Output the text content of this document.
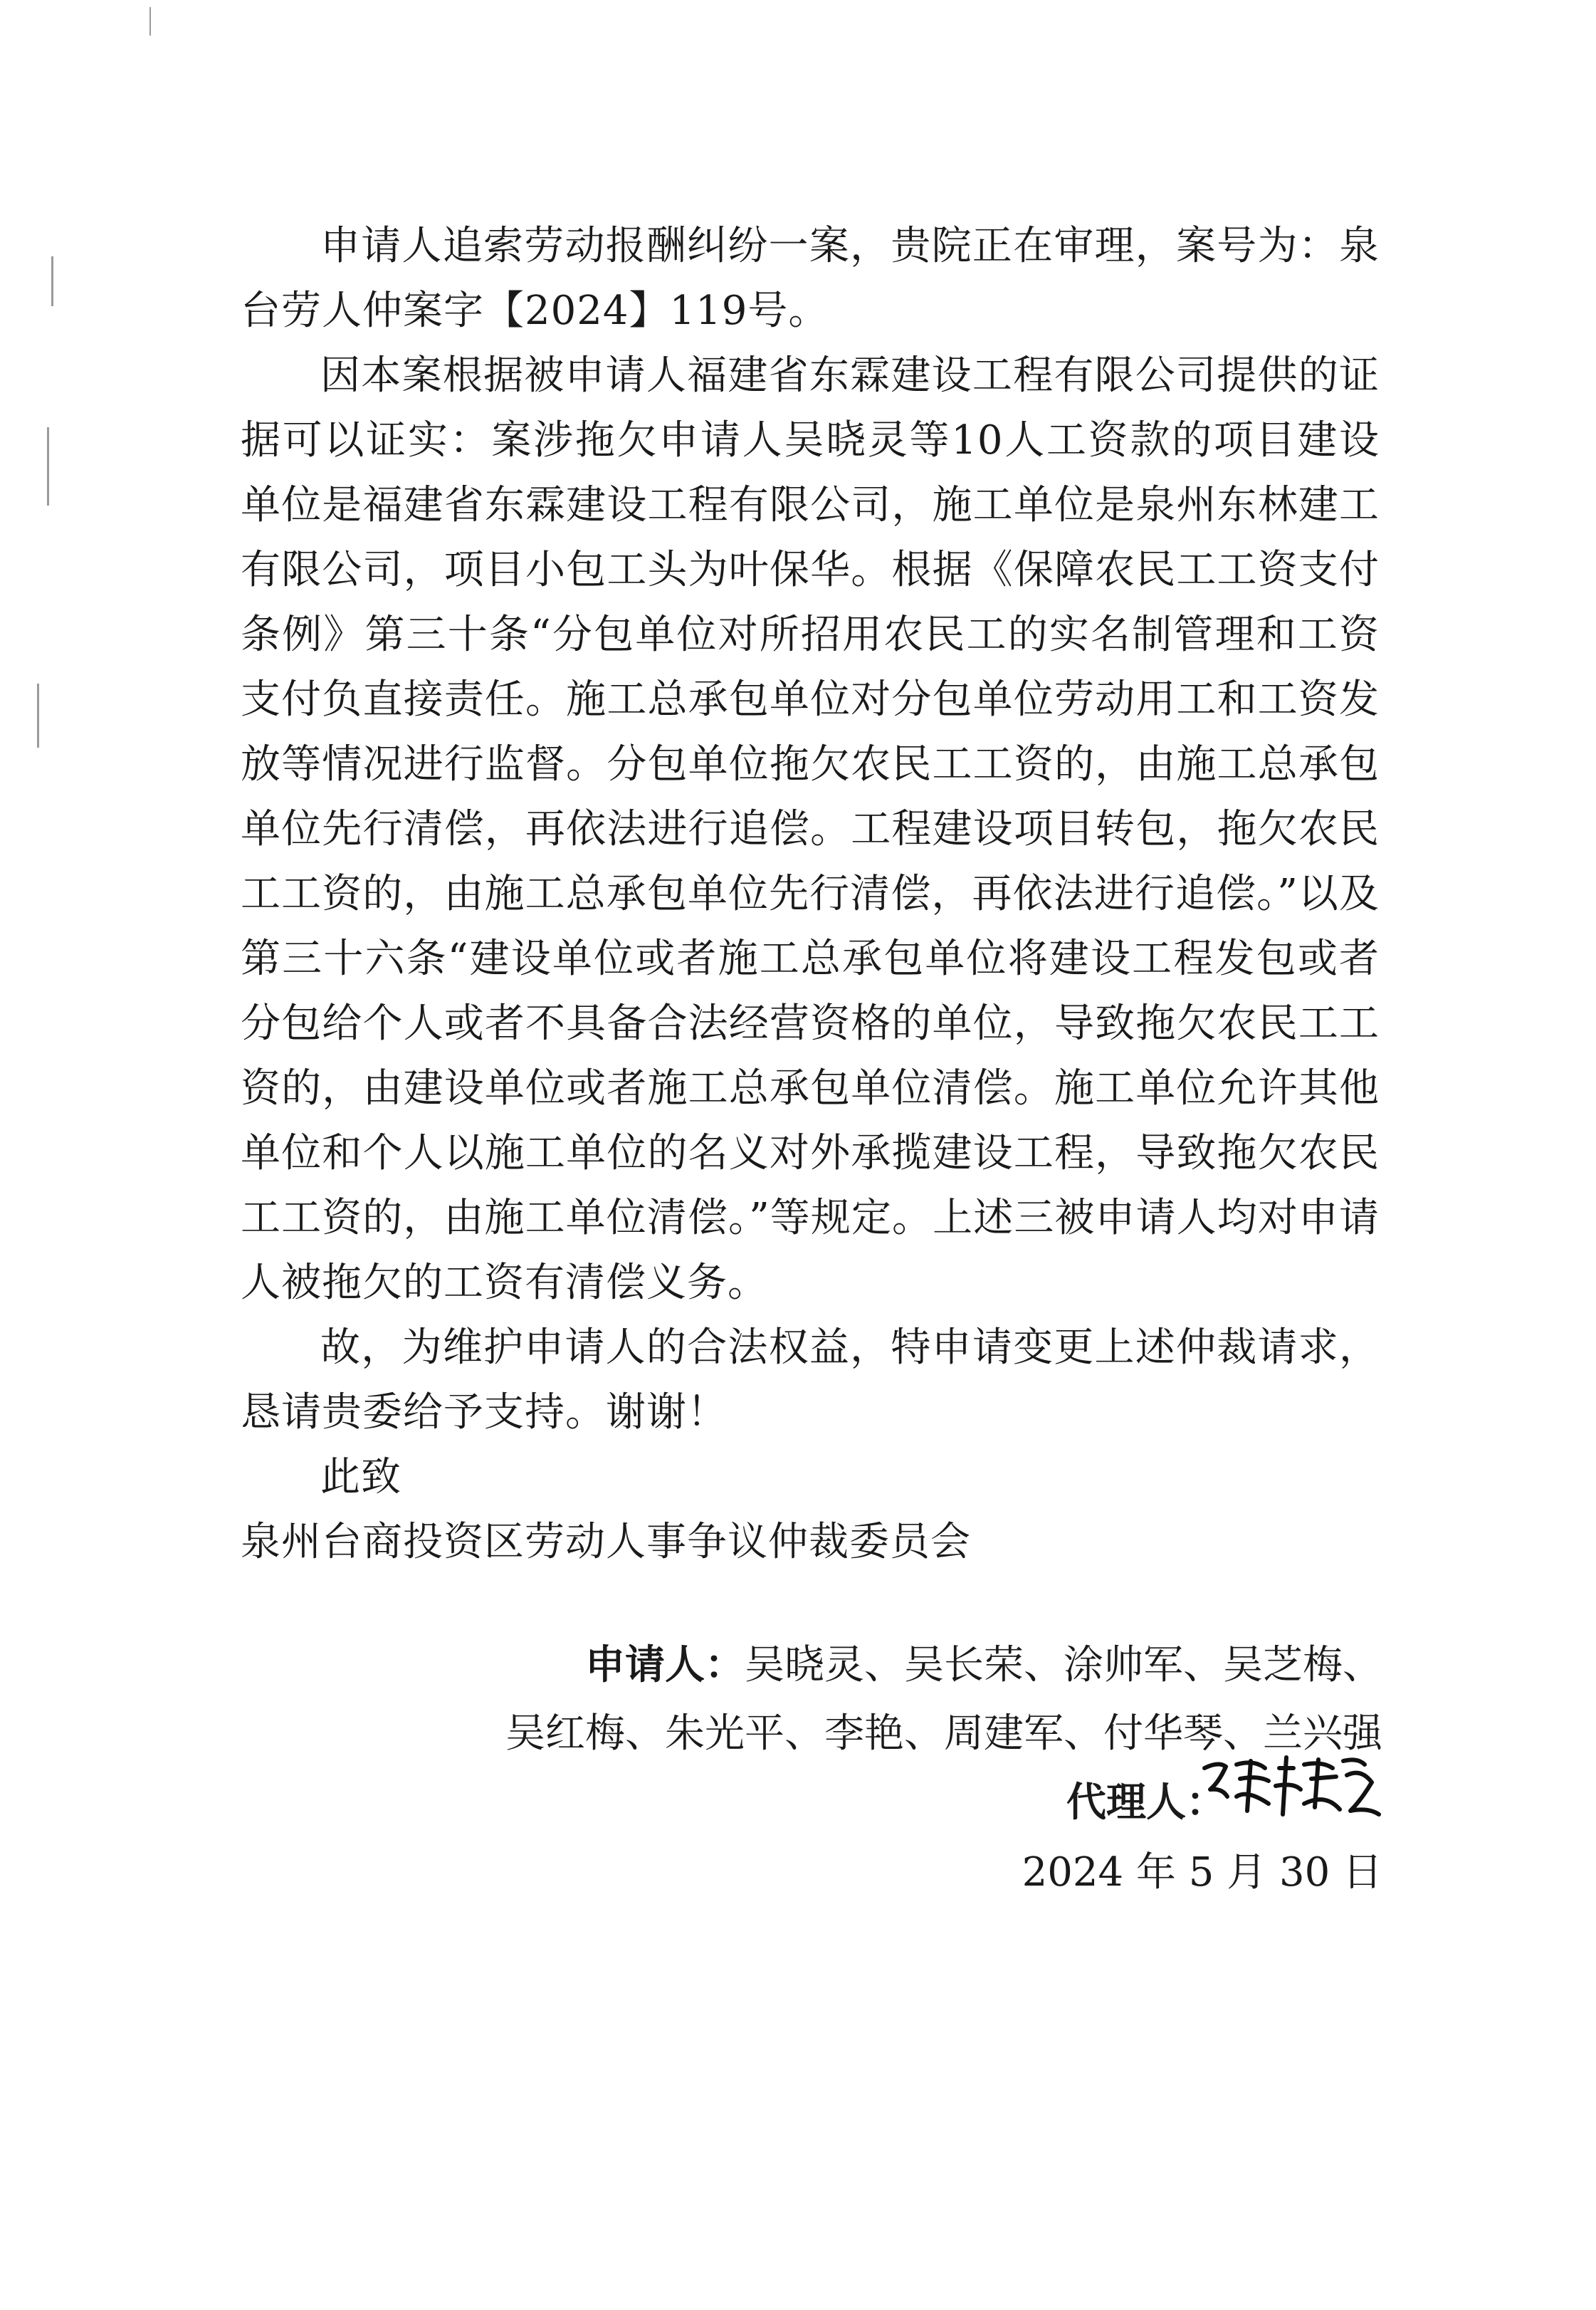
申请人追索劳动报酬纠纷一案，贵院正在审理，案号为：泉台劳人仲案字【2024】119号。

因本案根据被申请人福建省东霖建设工程有限公司提供的证据可以证实：案涉拖欠申请人吴晓灵等10人工资款的项目建设单位是福建省东霖建设工程有限公司，施工单位是泉州东林建工有限公司，项目小包工头为叶保华。根据《保障农民工工资支付条例》第三十条“分包单位对所招用农民工的实名制管理和工资支付负直接责任。施工总承包单位对分包单位劳动用工和工资发放等情况进行监督。分包单位拖欠农民工工资的，由施工总承包单位先行清偿，再依法进行追偿。工程建设项目转包，拖欠农民工工资的，由施工总承包单位先行清偿，再依法进行追偿。”以及第三十六条“建设单位或者施工总承包单位将建设工程发包或者分包给个人或者不具备合法经营资格的单位，导致拖欠农民工工资的，由建设单位或者施工总承包单位清偿。施工单位允许其他单位和个人以施工单位的名义对外承揽建设工程，导致拖欠农民工工资的，由施工单位清偿。”等规定。上述三被申请人均对申请人被拖欠的工资有清偿义务。

故，为维护申请人的合法权益，特申请变更上述仲裁请求，恳请贵委给予支持。谢谢！

此致

泉州台商投资区劳动人事争议仲裁委员会

申请人：吴晓灵、吴长荣、涂帅军、吴芝梅、

吴红梅、朱光平、李艳、周建军、付华琴、兰兴强

代理人：

2024 年 5 月 30 日
